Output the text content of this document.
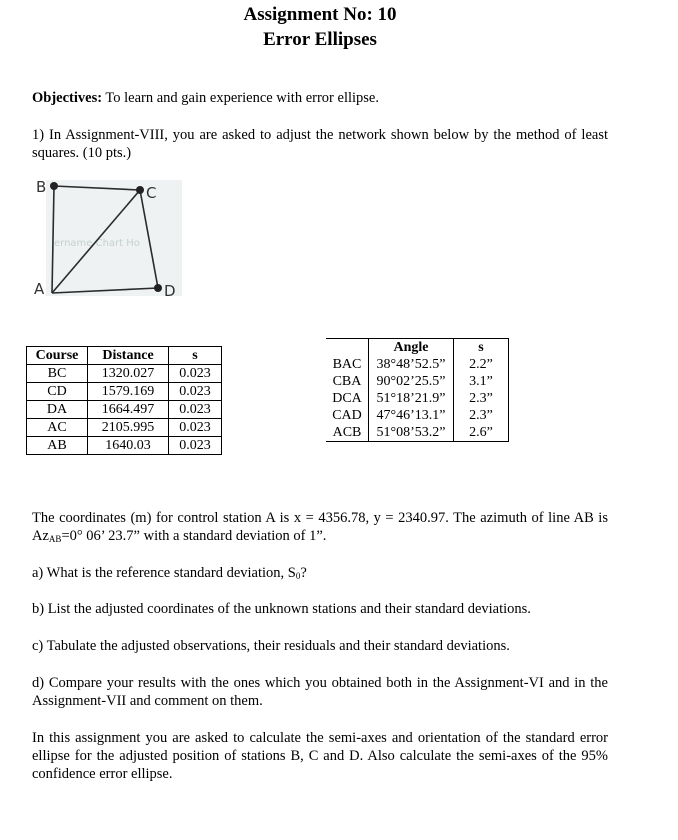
Assignment No: 10
Error Ellipses
Objectives: To learn and gain experience with error ellipse.
1) In Assignment-VIII, you are asked to adjust the network shown below by the method of least squares. (10 pts.)
ername Chart Ho
A
B	C
D
Course	Distance	s
BC	1320.027	0.023
CD	1579.169	0.023
DA	1664.497	0.023
AC	2105.995	0.023
AB	1640.03	0.023
	Angle	s
BAC	38°48’52.5”	2.2”
CBA	90°02’25.5”	3.1”
DCA	51°18’21.9”	2.3”
CAD	47°46’13.1”	2.3”
ACB	51°08’53.2”	2.6”
The coordinates (m) for control station A is x = 4356.78, y = 2340.97. The azimuth of line AB is $Az_{AB}=0^\circ$ 06’ 23.7” with a standard deviation of 1”.
a) What is the reference standard deviation, $S_0$?
b) List the adjusted coordinates of the unknown stations and their standard deviations.
c) Tabulate the adjusted observations, their residuals and their standard deviations.
d) Compare your results with the ones which you obtained both in the Assignment-VI and in the Assignment-VII and comment on them.
In this assignment you are asked to calculate the semi-axes and orientation of the standard error ellipse for the adjusted position of stations B, C and D. Also calculate the semi-axes of the 95% confidence error ellipse.
